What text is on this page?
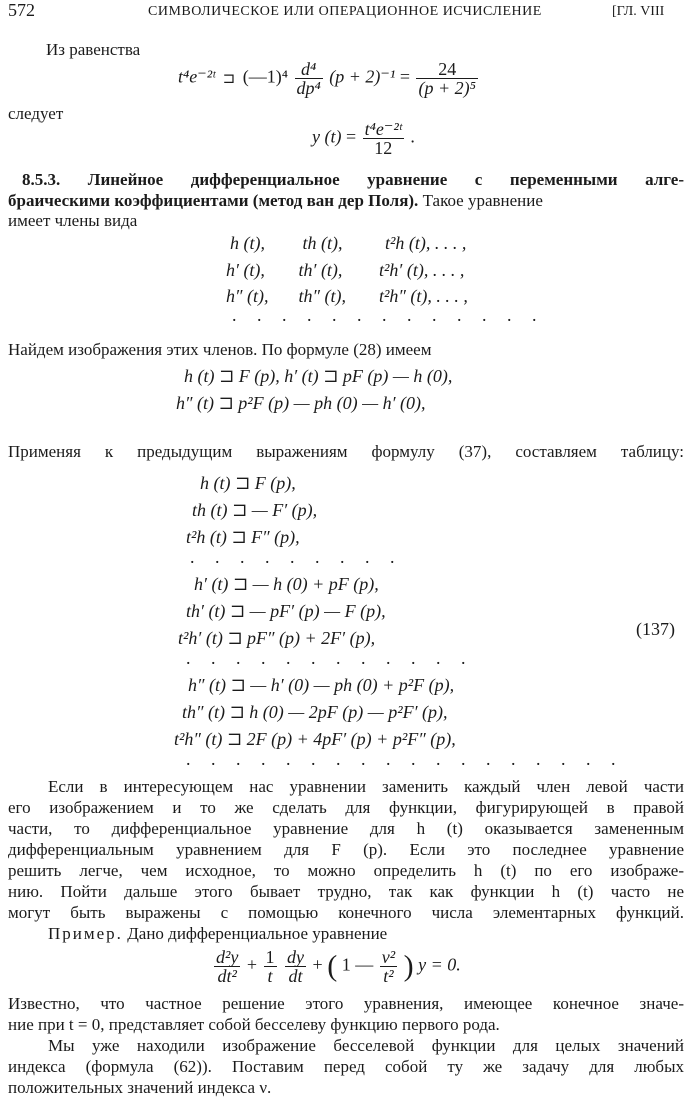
572	СИМВОЛИЧЕСКОЕ ИЛИ ОПЕРАЦИОННОЕ ИСЧИСЛЕНИЕ	[ГЛ. VIII
Из равенства
t⁴e⁻²ᵗ ⊐ (—1)⁴ $\frac{\text{d⁴}}{\text{dp⁴}} (p + 2)^{-1} = \frac{24}{\text{(p + 2)⁵}}$
следует
y $(t) = \frac{\text{t⁴e⁻²ᵗ}}{12}$ .
8.5.3. Линейное дифференциальное уравнение с переменными алге-
браическими коэффициентами (метод ван дер Поля). Такое уравнение
имеет члены вида
h (t), th (t), t²h (t), . . . ,
h′ (t), th′ (t), t²h′ (t), . . . ,
h″ (t), th″ (t), t²h″ (t), . . . ,
. . . . . . . . . . . . .
Найдем изображения этих членов. По формуле (28) имеем
h (t) ⊐ F (p), h′ (t) ⊐ pF (p) — h (0),
h″ (t) ⊐ p²F (p) — ph (0) — h′ (0),
Применяя к предыдущим выражениям формулу (37), составляем таблицу:
h (t) ⊐ F (p),
th (t) ⊐ — F′ (p),
t²h (t) ⊐ F″ (p),
. . . . . . . . .
h′ (t) ⊐ — h (0) + pF (p),
th′ (t) ⊐ — pF′ (p) — F (p),
t²h′ (t) ⊐ pF″ (p) + 2F′ (p),	(137)
. . . . . . . . . . . .
h″ (t) ⊐ — h′ (0) — ph (0) + p²F (p),
th″ (t) ⊐ h (0) — 2pF (p) — p²F′ (p),
t²h″ (t) ⊐ 2F (p) + 4pF′ (p) + p²F″ (p),
. . . . . . . . . . . . . . . . . .
Если в интересующем нас уравнении заменить каждый член левой части
его изображением и то же сделать для функции, фигурирующей в правой
части, то дифференциальное уравнение для h (t) оказывается замененным
дифференциальным уравнением для F (p). Если это последнее уравнение
решить легче, чем исходное, то можно определить h (t) по его изображе-
нию. Пойти дальше этого бывает трудно, так как функции h (t) часто не
могут быть выражены с помощью конечного числа элементарных функций.
Пример. Дано дифференциальное уравнение
$\frac{\text{d²y}}{\text{dt²}} + \frac{1}{t}$
$\frac{dy}{dt}$ + ( 1 — $\frac{\text{ν²}}{\text{t²}}$ ) y = 0.
Известно, что частное решение этого уравнения, имеющее конечное значе-
ние при t = 0, представляет собой бесселеву функцию первого рода.
Мы уже находили изображение бесселевой функции для целых значений
индекса (формула (62)). Поставим перед собой ту же задачу для любых
положительных значений индекса ν.
